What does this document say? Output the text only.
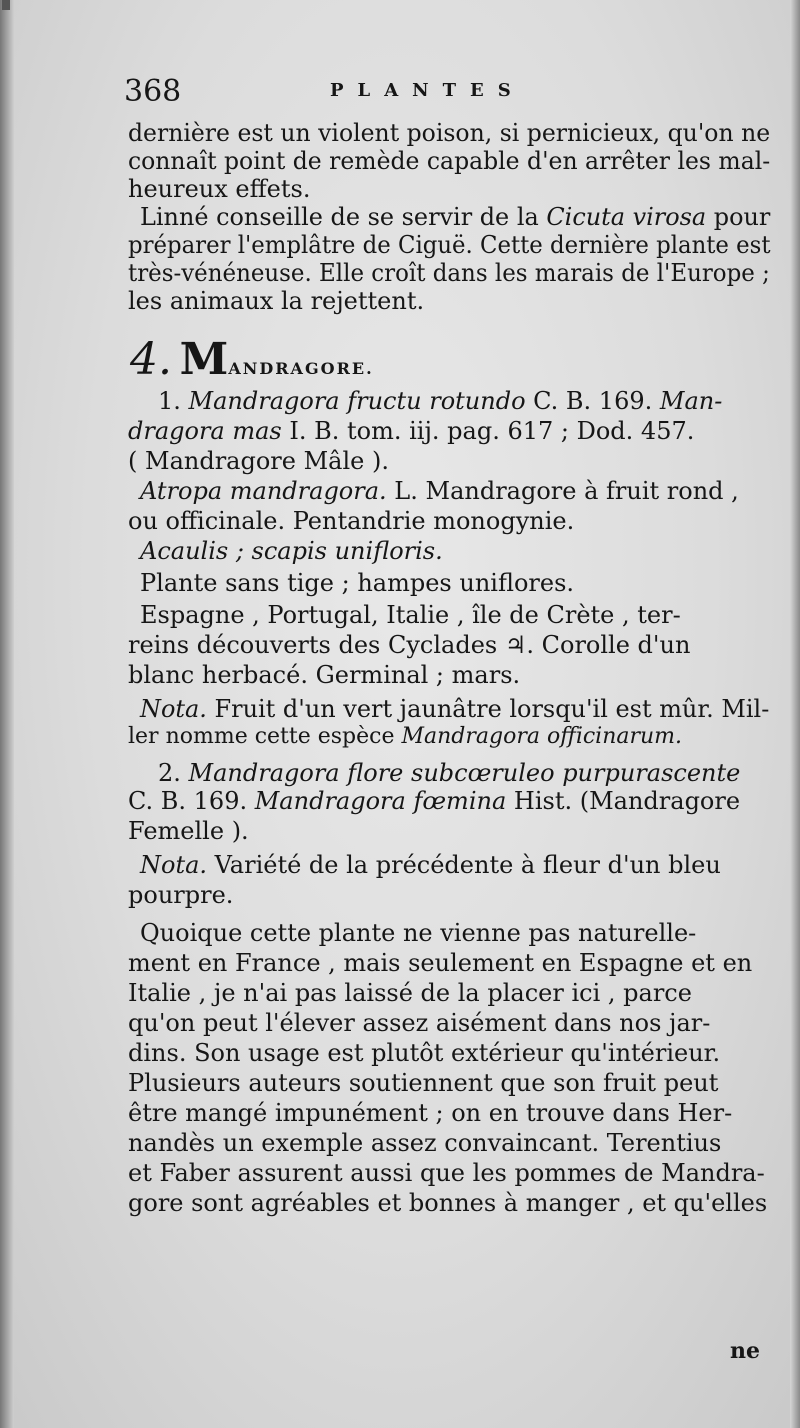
368	PLANTES
dernière est un violent poison, si pernicieux, qu'on ne
connaît point de remède capable d'en arrêter les mal-
heureux effets.
Linné conseille de se servir de la Cicuta virosa pour
préparer l'emplâtre de Ciguë. Cette dernière plante est
très-vénéneuse. Elle croît dans les marais de l'Europe ;
les animaux la rejettent.
4. MANDRAGORE.
1. Mandragora fructu rotundo C. B. 169. Man-
dragora mas I. B. tom. iij. pag. 617 ; Dod. 457.
( Mandragore Mâle ).
Atropa mandragora. L. Mandragore à fruit rond ,
ou officinale. Pentandrie monogynie.
Acaulis ; scapis unifloris.
Plante sans tige ; hampes uniflores.
Espagne , Portugal, Italie , île de Crète , ter-
reins découverts des Cyclades ♃. Corolle d'un
blanc herbacé. Germinal ; mars.
Nota. Fruit d'un vert jaunâtre lorsqu'il est mûr. Mil-
ler nomme cette espèce Mandragora officinarum.
2. Mandragora flore subcœruleo purpurascente
C. B. 169. Mandragora fœmina Hist. (Mandragore
Femelle ).
Nota. Variété de la précédente à fleur d'un bleu
pourpre.
Quoique cette plante ne vienne pas naturelle-
ment en France , mais seulement en Espagne et en
Italie , je n'ai pas laissé de la placer ici , parce
qu'on peut l'élever assez aisément dans nos jar-
dins. Son usage est plutôt extérieur qu'intérieur.
Plusieurs auteurs soutiennent que son fruit peut
être mangé impunément ; on en trouve dans Her-
nandès un exemple assez convaincant. Terentius
et Faber assurent aussi que les pommes de Mandra-
gore sont agréables et bonnes à manger , et qu'elles
ne
